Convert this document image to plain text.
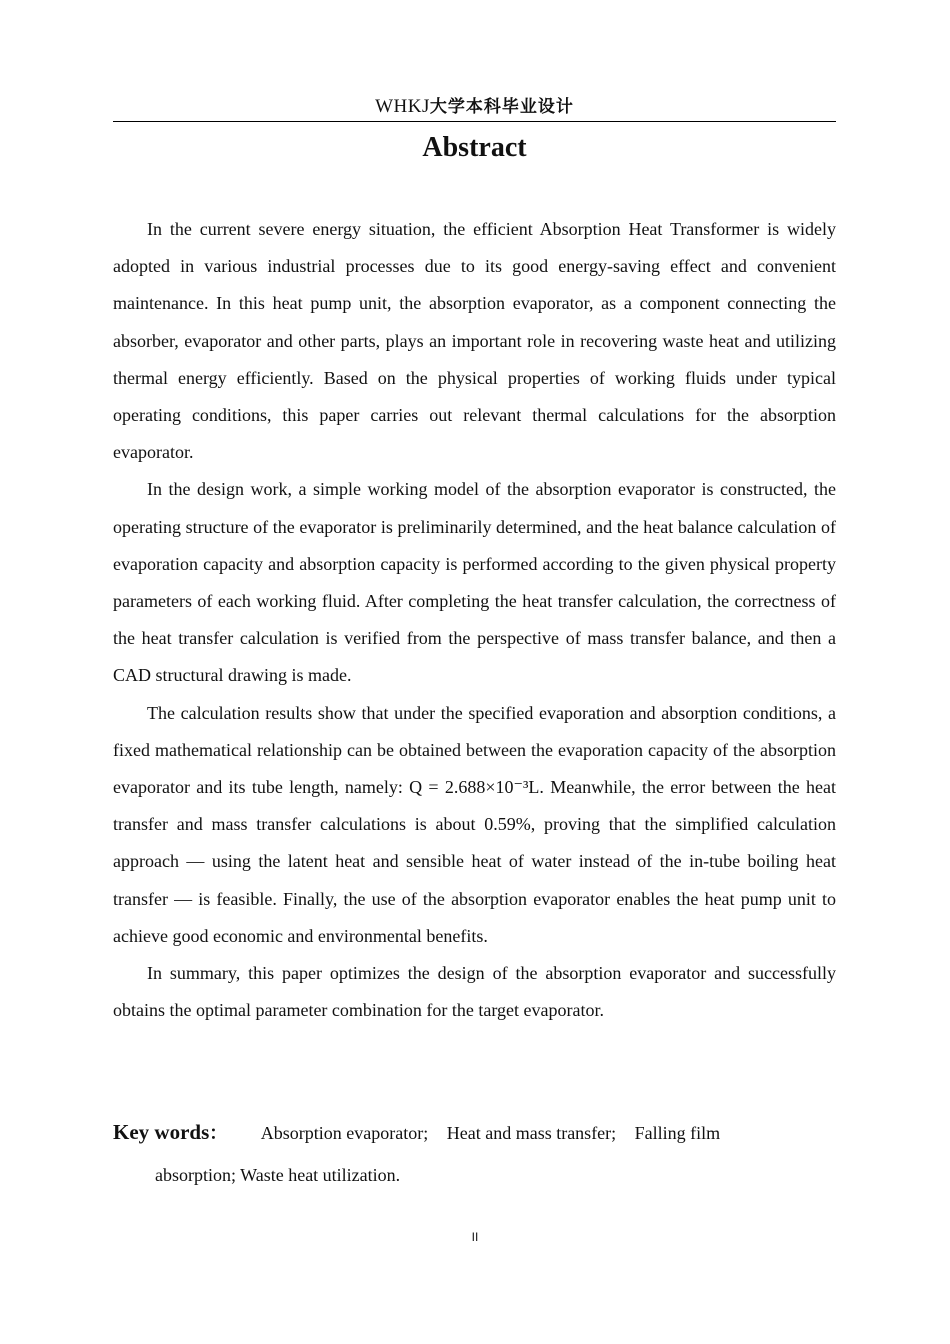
WHKJ大学本科毕业设计
Abstract

In the current severe energy situation, the efficient Absorption Heat Transformer is widely adopted in various industrial processes due to its good energy-saving effect and convenient maintenance. In this heat pump unit, the absorption evaporator, as a component connecting the absorber, evaporator and other parts, plays an important role in recovering waste heat and utilizing thermal energy efficiently. Based on the physical properties of working fluids under typical operating conditions, this paper carries out relevant thermal calculations for the absorption evaporator.

In the design work, a simple working model of the absorption evaporator is constructed, the operating structure of the evaporator is preliminarily determined, and the heat balance calculation of evaporation capacity and absorption capacity is performed according to the given physical property parameters of each working fluid. After completing the heat transfer calculation, the correctness of the heat transfer calculation is verified from the perspective of mass transfer balance, and then a CAD structural drawing is made.

The calculation results show that under the specified evaporation and absorption conditions, a fixed mathematical relationship can be obtained between the evaporation capacity of the absorption evaporator and its tube length, namely: Q = 2.688×10⁻³L. Meanwhile, the error between the heat transfer and mass transfer calculations is about 0.59%, proving that the simplified calculation approach — using the latent heat and sensible heat of water instead of the in-tube boiling heat transfer — is feasible. Finally, the use of the absorption evaporator enables the heat pump unit to achieve good economic and environmental benefits.

In summary, this paper optimizes the design of the absorption evaporator and successfully obtains the optimal parameter combination for the target evaporator.

Key words： Absorption evaporator; Heat and mass transfer; Falling film
absorption; Waste heat utilization.
II
